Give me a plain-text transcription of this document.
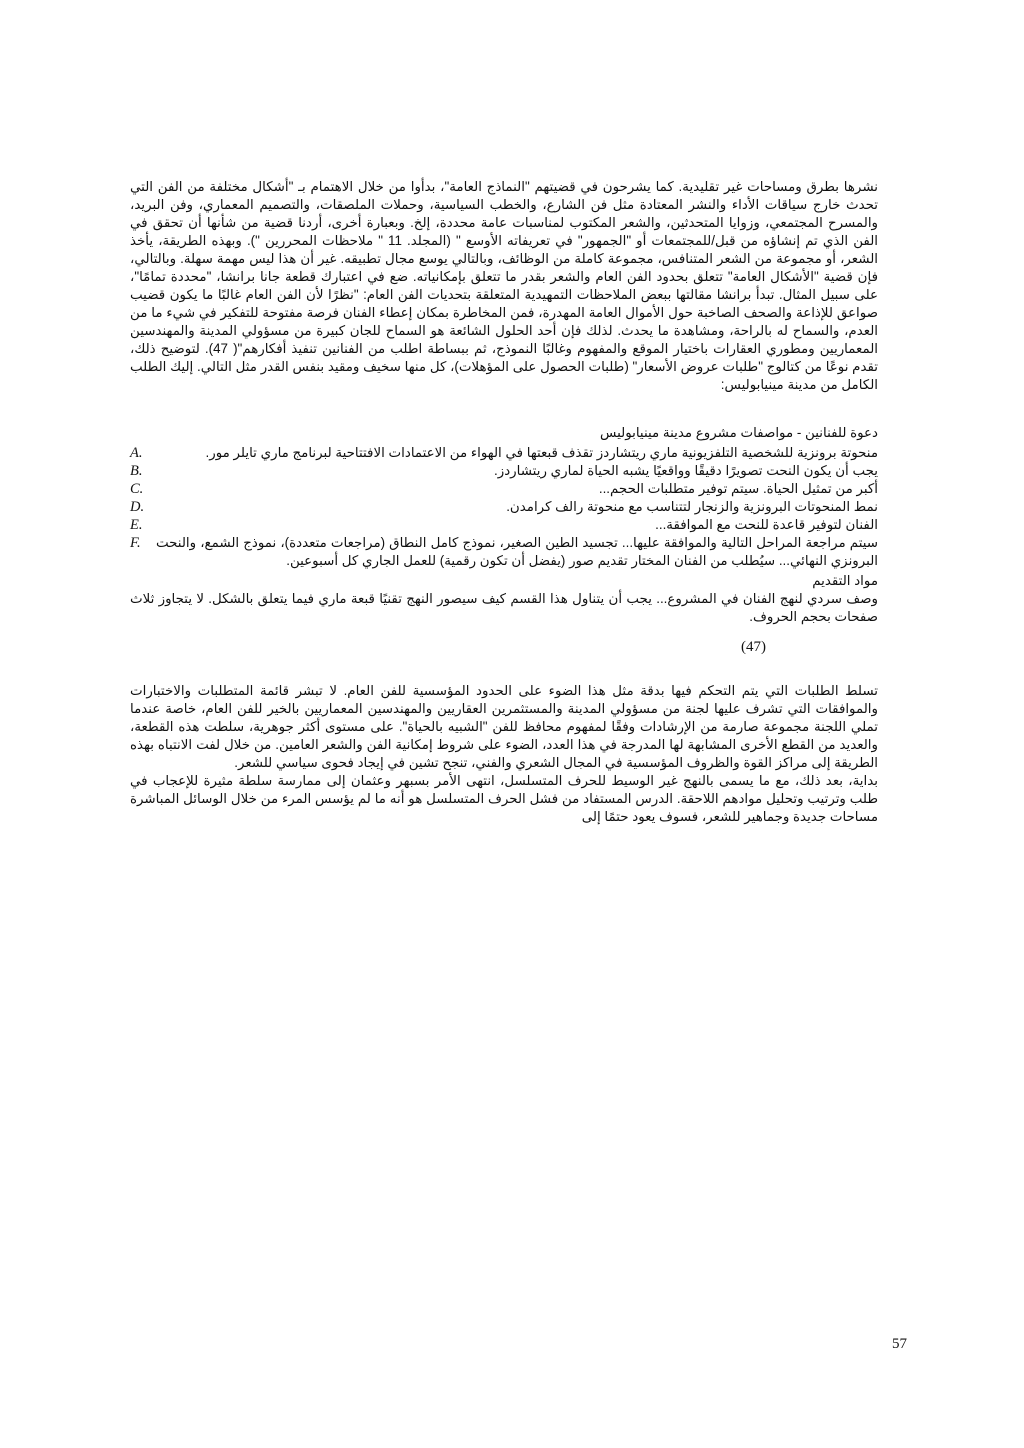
نشرها بطرق ومساحات غير تقليدية. كما يشرحون في قضيتهم "النماذج العامة"، بدأوا من خلال الاهتمام بـ "أشكال مختلفة من الفن التي تحدث خارج سياقات الأداء والنشر المعتادة مثل فن الشارع، والخطب السياسية، وحملات الملصقات، والتصميم المعماري، وفن البريد، والمسرح المجتمعي، وزوايا المتحدثين، والشعر المكتوب لمناسبات عامة محددة، إلخ. وبعبارة أخرى، أردنا قضية من شأنها أن تحقق في الفن الذي تم إنشاؤه من قبل/للمجتمعات أو "الجمهور" في تعريفاته الأوسع " (المجلد. 11 " ملاحظات المحررين "). وبهذه الطريقة، يأخذ الشعر، أو مجموعة من الشعر المتنافس، مجموعة كاملة من الوظائف، وبالتالي يوسع مجال تطبيقه. غير أن هذا ليس مهمة سهلة. وبالتالي، فإن قضية "الأشكال العامة" تتعلق بحدود الفن العام والشعر بقدر ما تتعلق بإمكانياته. ضع في اعتبارك قطعة جانا برانشا، "محددة تمامًا"، على سبيل المثال. تبدأ برانشا مقالتها ببعض الملاحظات التمهيدية المتعلقة بتحديات الفن العام: "نظرًا لأن الفن العام غالبًا ما يكون قضيب صواعق للإذاعة والصحف الصاخبة حول الأموال العامة المهدرة، فمن المخاطرة بمكان إعطاء الفنان فرصة مفتوحة للتفكير في شيء ما من العدم، والسماح له بالراحة، ومشاهدة ما يحدث. لذلك فإن أحد الحلول الشائعة هو السماح للجان كبيرة من مسؤولي المدينة والمهندسين المعماريين ومطوري العقارات باختيار الموقع والمفهوم وغالبًا النموذج، ثم ببساطة اطلب من الفنانين تنفيذ أفكارهم"( 47). لتوضيح ذلك، تقدم نوعًا من كتالوج "طلبات عروض الأسعار" (طلبات الحصول على المؤهلات)، كل منها سخيف ومقيد بنفس القدر مثل التالي. إليك الطلب الكامل من مدينة مينيابوليس:

دعوة للفنانين - مواصفات مشروع مدينة مينيابوليس

منحوتة برونزية للشخصية التلفزيونية ماري ريتشاردز تقذف قبعتها في الهواء من الاعتمادات الافتتاحية لبرنامج ماري تايلر مور.
A.
يجب أن يكون النحت تصويرًا دقيقًا وواقعيًا يشبه الحياة لماري ريتشاردز.
B.
أكبر من تمثيل الحياة. سيتم توفير متطلبات الحجم...
C.
نمط المنحوتات البرونزية والزنجار لتتناسب مع منحوتة رالف كرامدن.
D.
الفنان لتوفير قاعدة للنحت مع الموافقة...
E.
سيتم مراجعة المراحل التالية والموافقة عليها... تجسيد الطين الصغير، نموذج كامل النطاق (مراجعات متعددة)، نموذج الشمع، والنحت البرونزي النهائي... سيُطلب من الفنان المختار تقديم صور (يفضل أن تكون رقمية) للعمل الجاري كل أسبوعين.
F.

مواد التقديم

وصف سردي لنهج الفنان في المشروع... يجب أن يتناول هذا القسم كيف سيصور النهج تقنيًا قبعة ماري فيما يتعلق بالشكل. لا يتجاوز ثلاث صفحات بحجم الحروف.

(47)

تسلط الطلبات التي يتم التحكم فيها بدقة مثل هذا الضوء على الحدود المؤسسية للفن العام. لا تبشر قائمة المتطلبات والاختبارات والموافقات التي تشرف عليها لجنة من مسؤولي المدينة والمستثمرين العقاريين والمهندسين المعماريين بالخير للفن العام، خاصة عندما تملي اللجنة مجموعة صارمة من الإرشادات وفقًا لمفهوم محافظ للفن "الشبيه بالحياة". على مستوى أكثر جوهرية، سلطت هذه القطعة، والعديد من القطع الأخرى المشابهة لها المدرجة في هذا العدد، الضوء على شروط إمكانية الفن والشعر العامين. من خلال لفت الانتباه بهذه الطريقة إلى مراكز القوة والظروف المؤسسية في المجال الشعري والفني، تنجح تشين في إيجاد فحوى سياسي للشعر.

بداية، بعد ذلك، مع ما يسمى بالنهج غير الوسيط للحرف المتسلسل، انتهى الأمر بسبهر وعثمان إلى ممارسة سلطة مثيرة للإعجاب في طلب وترتيب وتحليل موادهم اللاحقة. الدرس المستفاد من فشل الحرف المتسلسل هو أنه ما لم يؤسس المرء من خلال الوسائل المباشرة مساحات جديدة وجماهير للشعر، فسوف يعود حتمًا إلى

57
